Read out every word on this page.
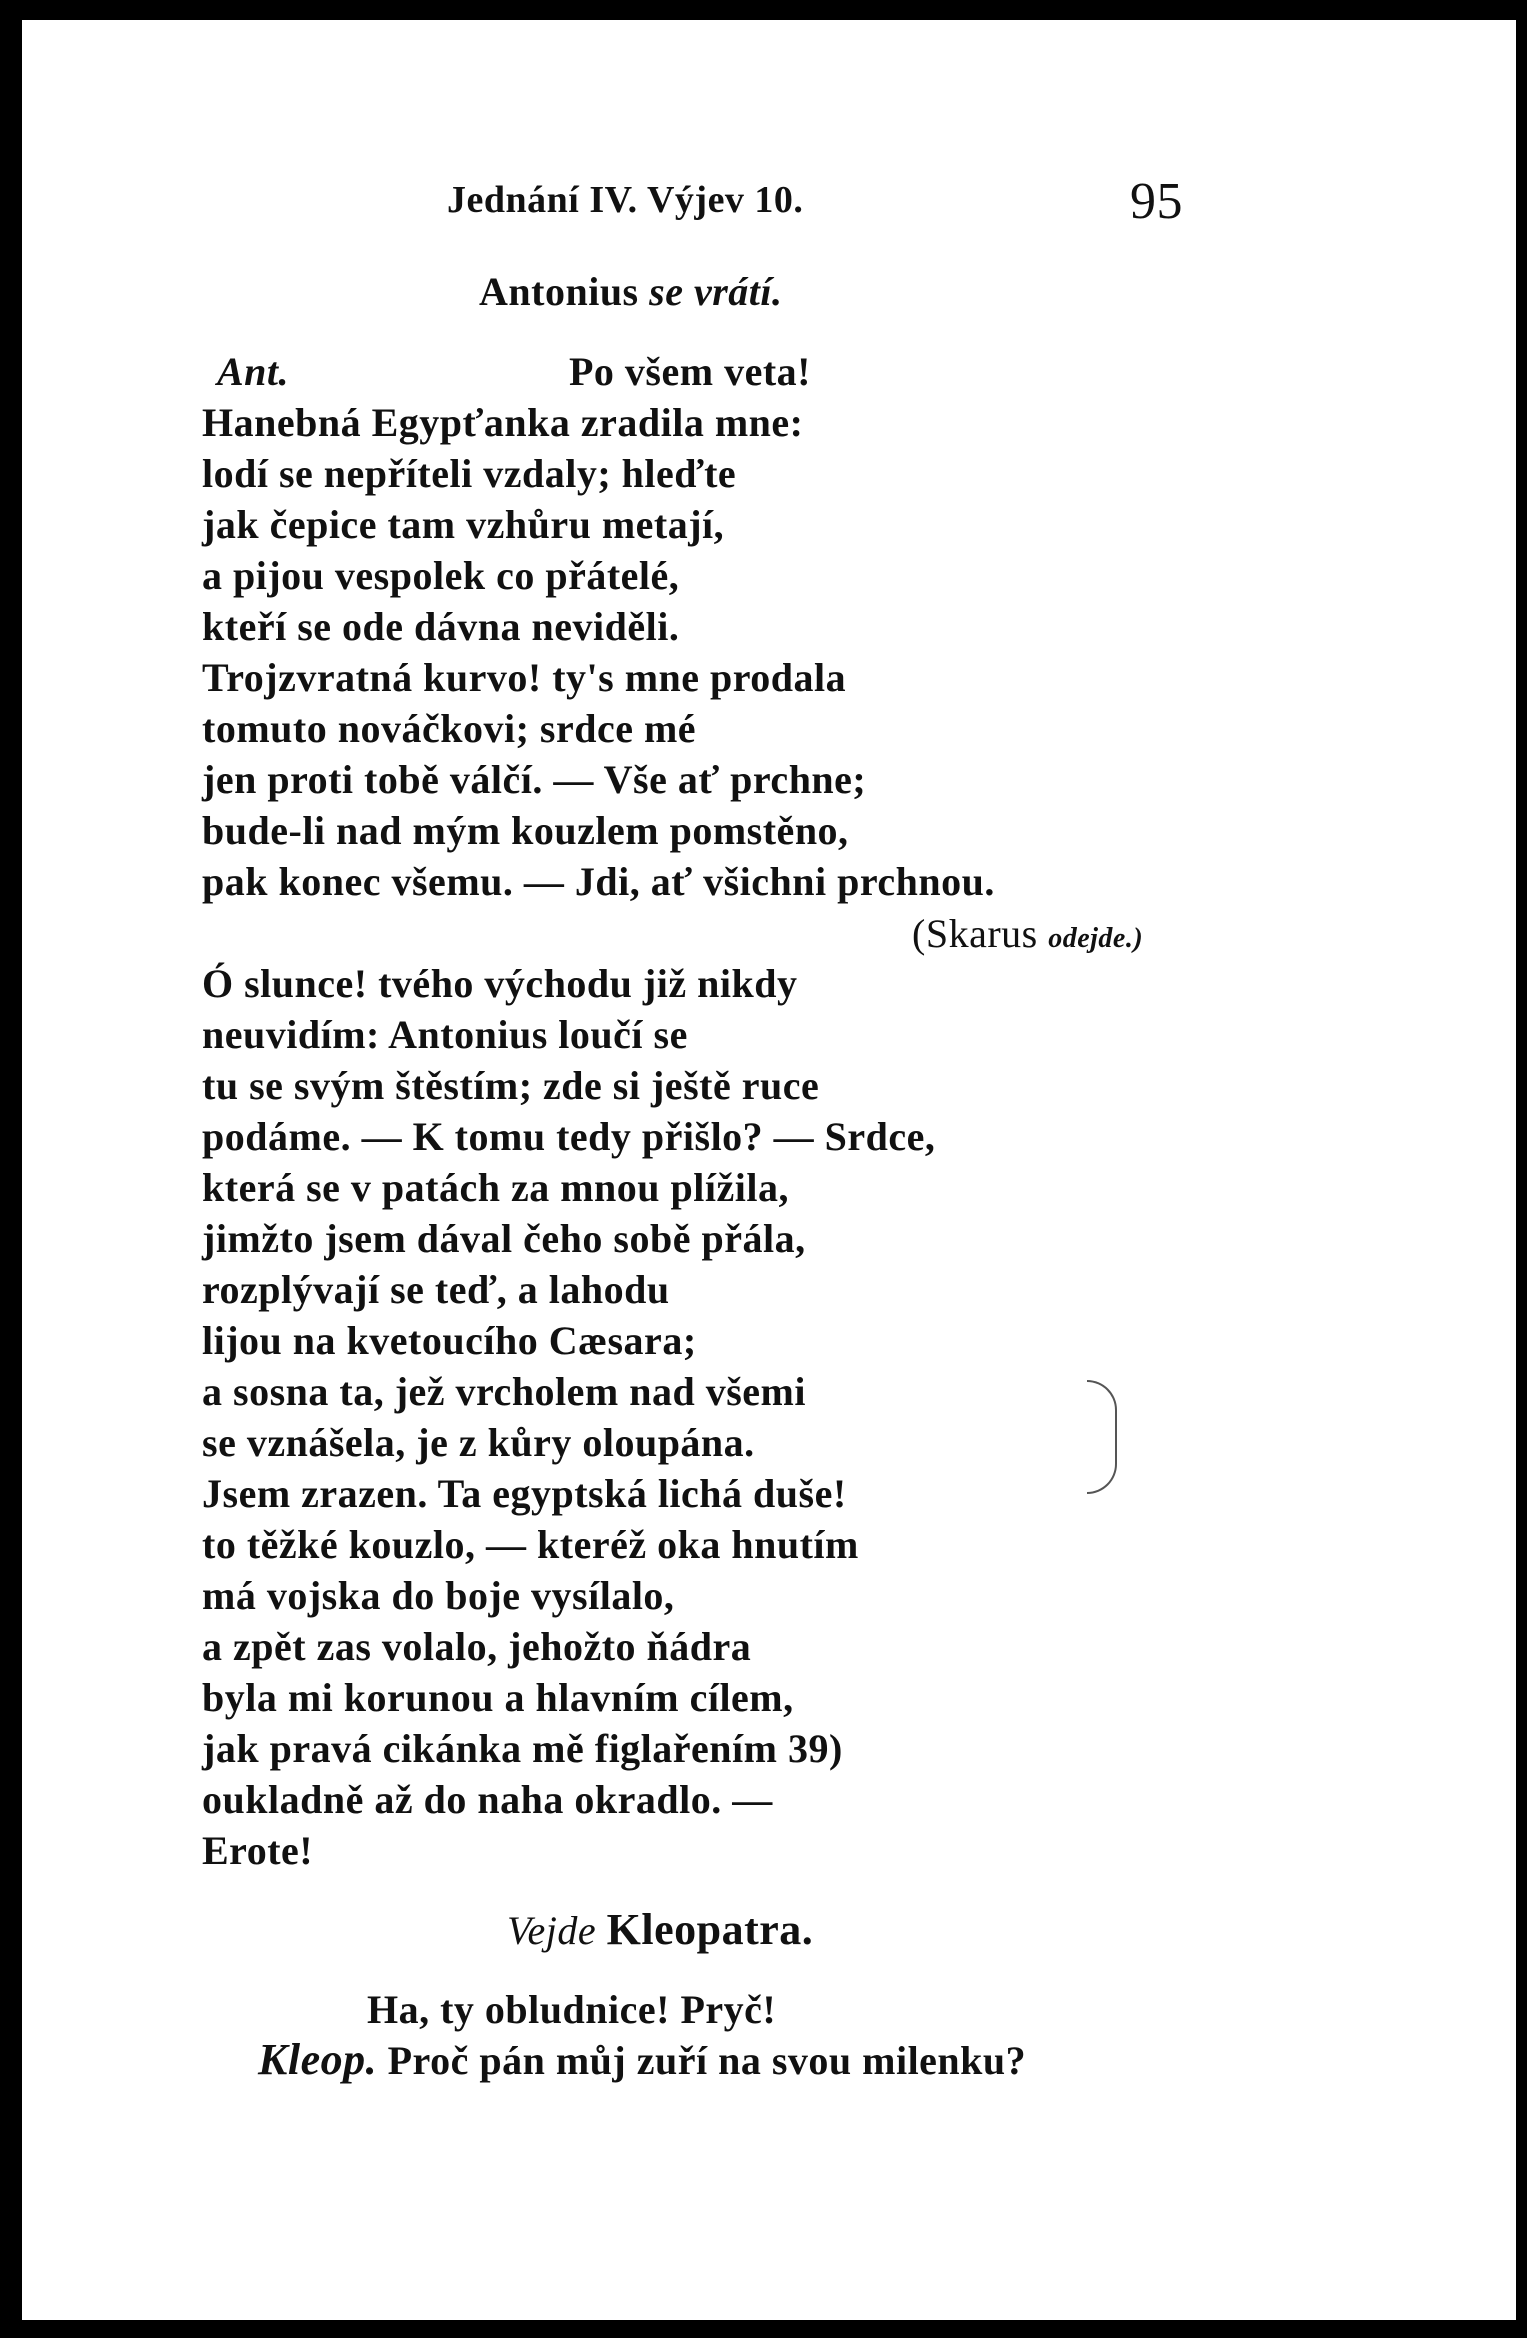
Jednání IV. Výjev 10.	95
Antonius se vrátí.
Ant.	Po všem veta!
Hanebná Egypťanka zradila mne:
lodí se nepříteli vzdaly; hleďte
jak čepice tam vzhůru metají,
a pijou vespolek co přátelé,
kteří se ode dávna neviděli.
Trojzvratná kurvo! ty's mne prodala
tomuto nováčkovi; srdce mé
jen proti tobě válčí. — Vše ať prchne;
bude-li nad mým kouzlem pomstěno,
pak konec všemu. — Jdi, ať všichni prchnou.
(Skarus odejde.)
Ó slunce! tvého východu již nikdy
neuvidím: Antonius loučí se
tu se svým štěstím; zde si ještě ruce
podáme. — K tomu tedy přišlo? — Srdce,
která se v patách za mnou plížila,
jimžto jsem dával čeho sobě přála,
rozplývají se teď, a lahodu
lijou na kvetoucího Cæsara;
a sosna ta, jež vrcholem nad všemi
se vznášela, je z kůry oloupána.
Jsem zrazen. Ta egyptská lichá duše!
to těžké kouzlo, — kteréž oka hnutím
má vojska do boje vysílalo,
a zpět zas volalo, jehožto ňádra
byla mi korunou a hlavním cílem,
jak pravá cikánka mě figlařením 39)
oukladně až do naha okradlo. —
Erote!
Vejde Kleopatra.
Ha, ty obludnice! Pryč!
Kleop. Proč pán můj zuří na svou milenku?
